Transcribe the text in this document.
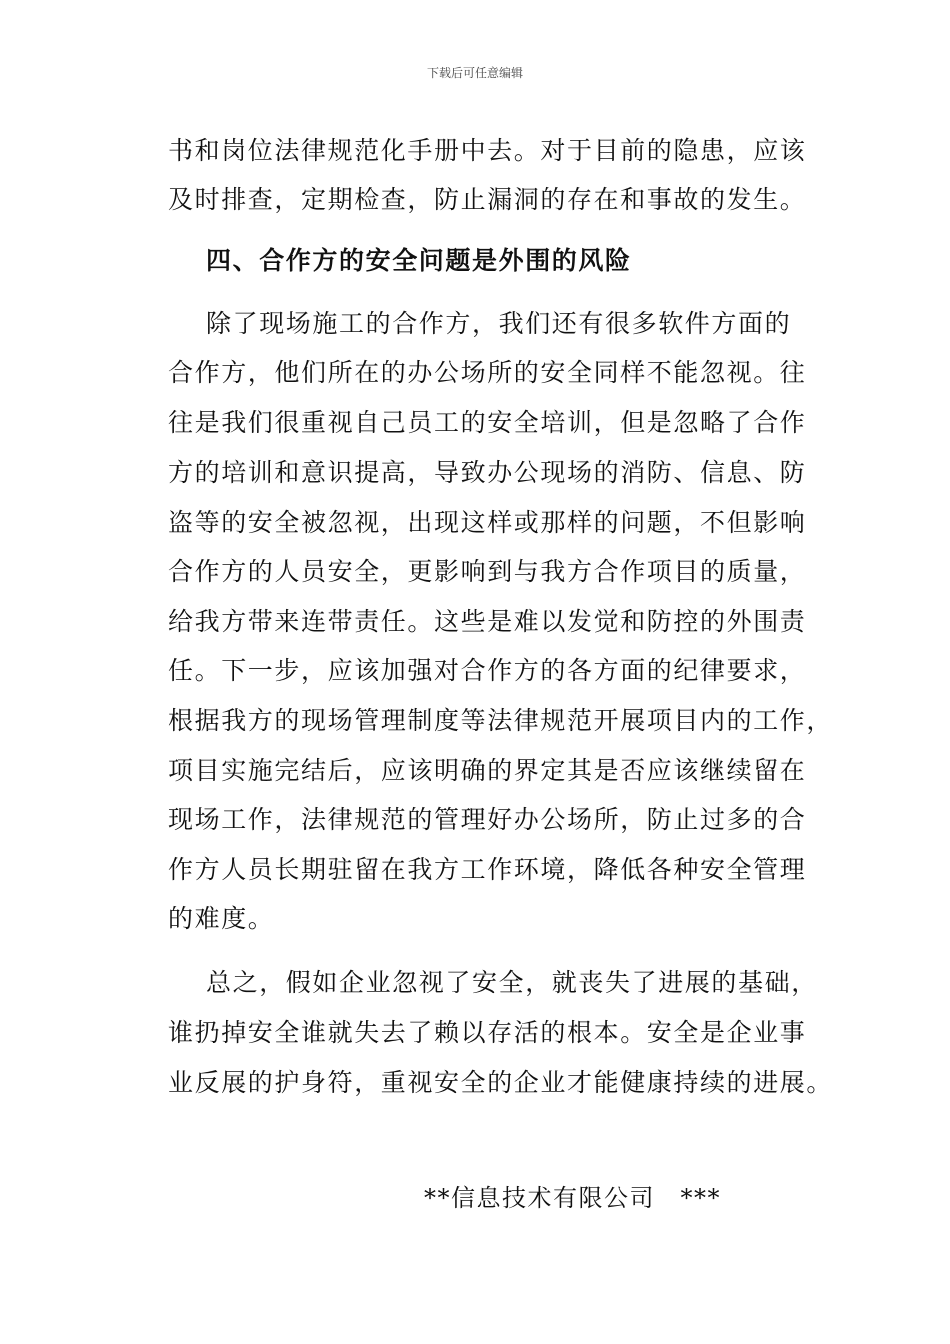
下载后可任意编辑
书和岗位法律规范化手册中去。对于目前的隐患，应该
及时排查，定期检查，防止漏洞的存在和事故的发生。
四、合作方的安全问题是外围的风险
除了现场施工的合作方，我们还有很多软件方面的
合作方，他们所在的办公场所的安全同样不能忽视。往
往是我们很重视自己员工的安全培训，但是忽略了合作
方的培训和意识提高，导致办公现场的消防、信息、防
盗等的安全被忽视，出现这样或那样的问题，不但影响
合作方的人员安全，更影响到与我方合作项目的质量，
给我方带来连带责任。这些是难以发觉和防控的外围责
任。下一步，应该加强对合作方的各方面的纪律要求，
根据我方的现场管理制度等法律规范开展项目内的工作，
项目实施完结后，应该明确的界定其是否应该继续留在
现场工作，法律规范的管理好办公场所，防止过多的合
作方人员长期驻留在我方工作环境，降低各种安全管理
的难度。
总之，假如企业忽视了安全，就丧失了进展的基础，
谁扔掉安全谁就失去了赖以存活的根本。安全是企业事
业反展的护身符，重视安全的企业才能健康持续的进展。
**信息技术有限公司　***
